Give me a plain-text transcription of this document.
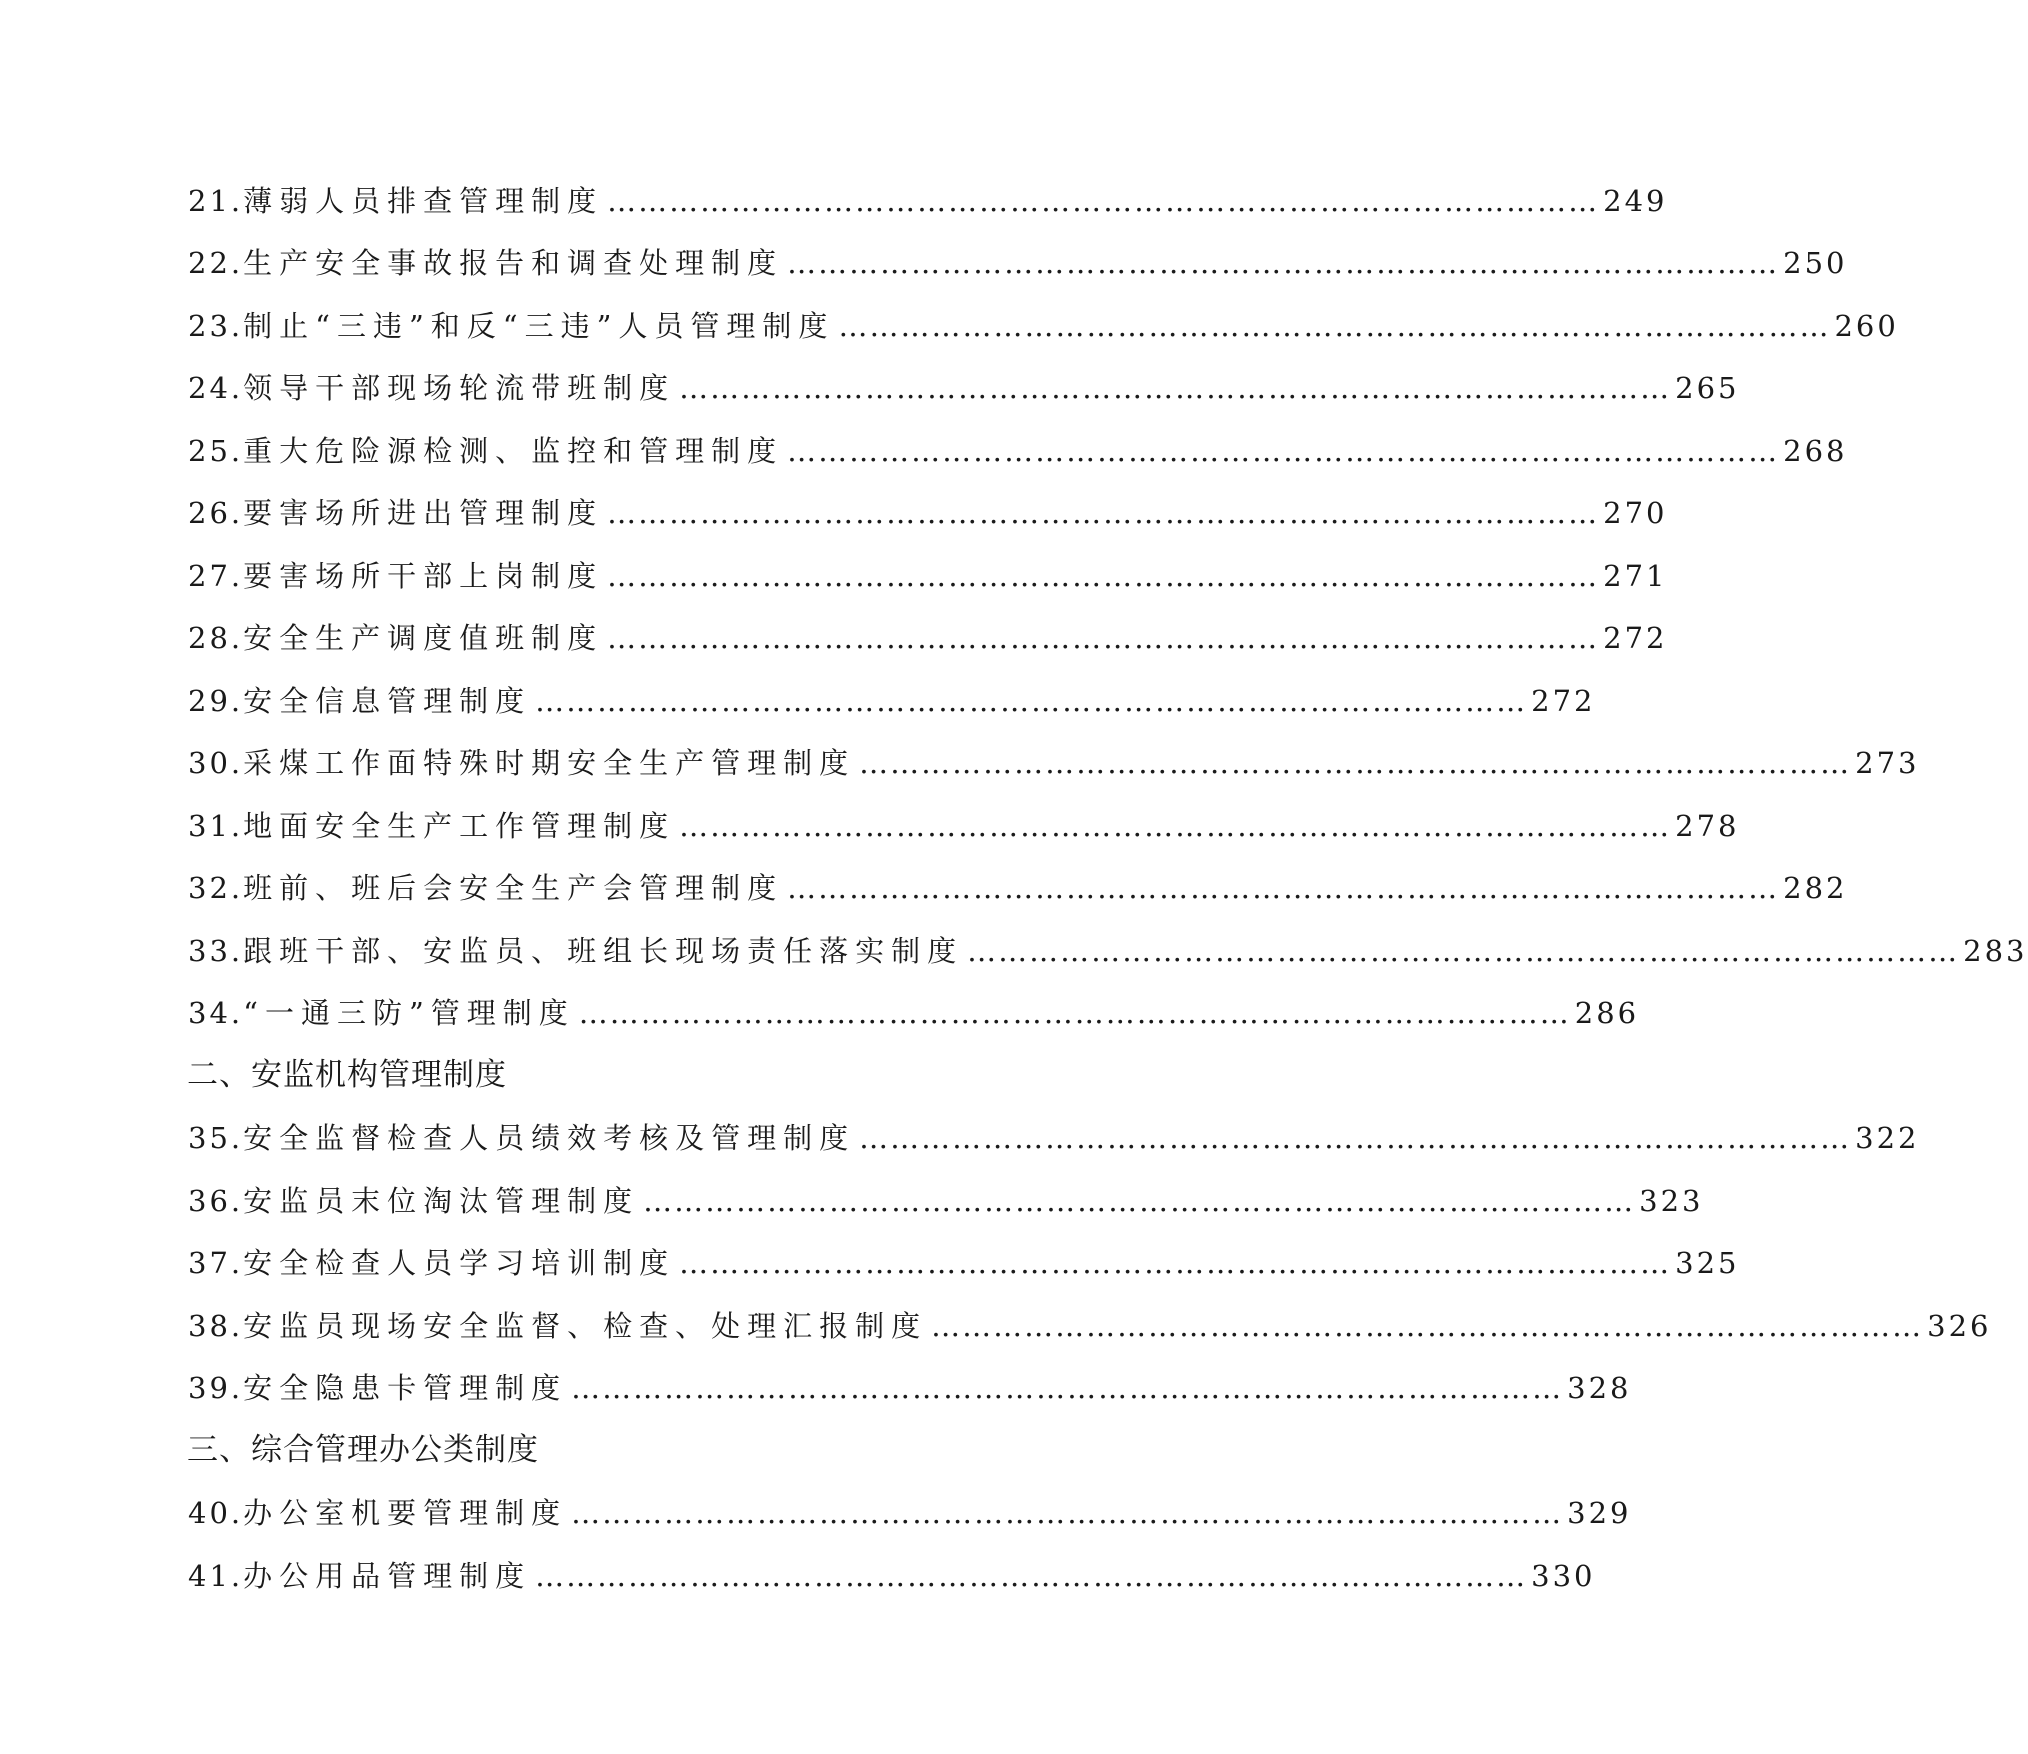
21. 薄弱人员排查管理制度 …………………………………………………………………………………… 249
22. 生产安全事故报告和调查处理制度 …………………………………………………………………………………… 250
23. 制止“三违”和反“三违”人员管理制度 …………………………………………………………………………………… 260
24. 领导干部现场轮流带班制度 …………………………………………………………………………………… 265
25. 重大危险源检测、监控和管理制度 …………………………………………………………………………………… 268
26. 要害场所进出管理制度 …………………………………………………………………………………… 270
27. 要害场所干部上岗制度 …………………………………………………………………………………… 271
28. 安全生产调度值班制度 …………………………………………………………………………………… 272
29. 安全信息管理制度 …………………………………………………………………………………… 272
30. 采煤工作面特殊时期安全生产管理制度 …………………………………………………………………………………… 273
31. 地面安全生产工作管理制度 …………………………………………………………………………………… 278
32. 班前、班后会安全生产会管理制度 …………………………………………………………………………………… 282
33. 跟班干部、安监员、班组长现场责任落实制度 …………………………………………………………………………………… 283
34. “一通三防”管理制度 …………………………………………………………………………………… 286
二、安监机构管理制度
35. 安全监督检查人员绩效考核及管理制度 …………………………………………………………………………………… 322
36. 安监员末位淘汰管理制度 …………………………………………………………………………………… 323
37. 安全检查人员学习培训制度 …………………………………………………………………………………… 325
38. 安监员现场安全监督、检查、处理汇报制度 …………………………………………………………………………………… 326
39. 安全隐患卡管理制度 …………………………………………………………………………………… 328
三、综合管理办公类制度
40. 办公室机要管理制度 …………………………………………………………………………………… 329
41. 办公用品管理制度 …………………………………………………………………………………… 330
